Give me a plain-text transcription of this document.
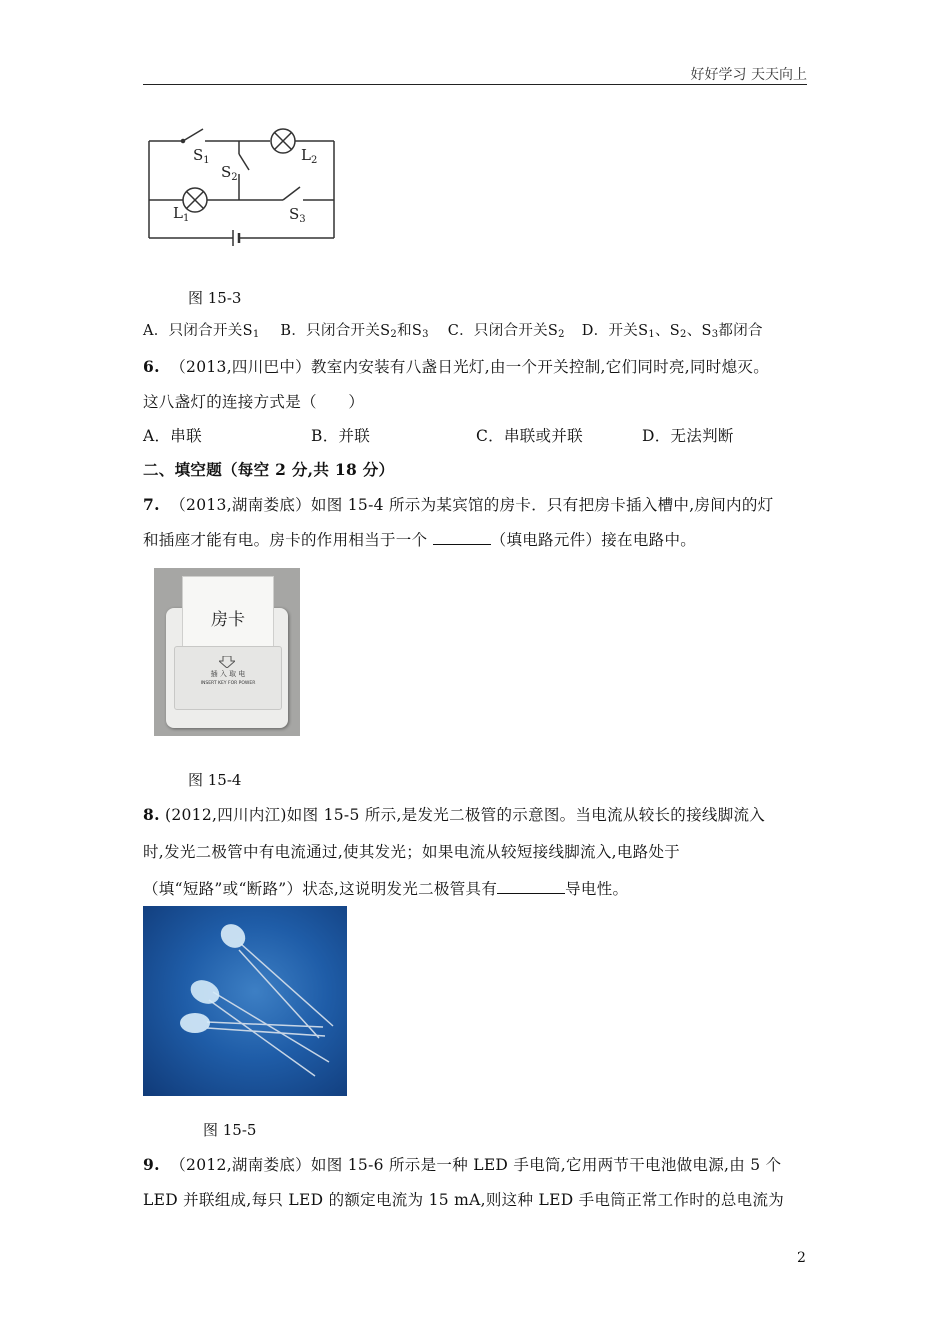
好好学习 天天向上
$S_1$
$S_2$
$L_2$
$L_1$	$S_3$
图 15-3
A．只闭合开关$S_1$ B．只闭合开关$S_2$和$S_3$ C．只闭合开关$S_2$ D．开关$S_1$、$S_2$、$S_3$都闭合
6. （2013,四川巴中）教室内安装有八盏日光灯,由一个开关控制,它们同时亮,同时熄灭。
这八盏灯的连接方式是（　　）
A．串联	B．并联	C．串联或并联	D．无法判断
二、填空题（每空 2 分,共 18 分）
7. （2013,湖南娄底）如图 15-4 所示为某宾馆的房卡．只有把房卡插入槽中,房间内的灯
和插座才能有电。房卡的作用相当于一个	（填电路元件）接在电路中。
房卡
插 入 取 电
INSERT KEY FOR POWER
图 15-4
8. (2012,四川内江)如图 15-5 所示,是发光二极管的示意图。当电流从较长的接线脚流入
时,发光二极管中有电流通过,使其发光；如果电流从较短接线脚流入,电路处于
（填“短路”或“断路”）状态,这说明发光二极管具有	导电性。
图 15-5
9. （2012,湖南娄底）如图 15-6 所示是一种 LED 手电筒,它用两节干电池做电源,由 5 个
LED 并联组成,每只 LED 的额定电流为 15 mA,则这种 LED 手电筒正常工作时的总电流为
2
